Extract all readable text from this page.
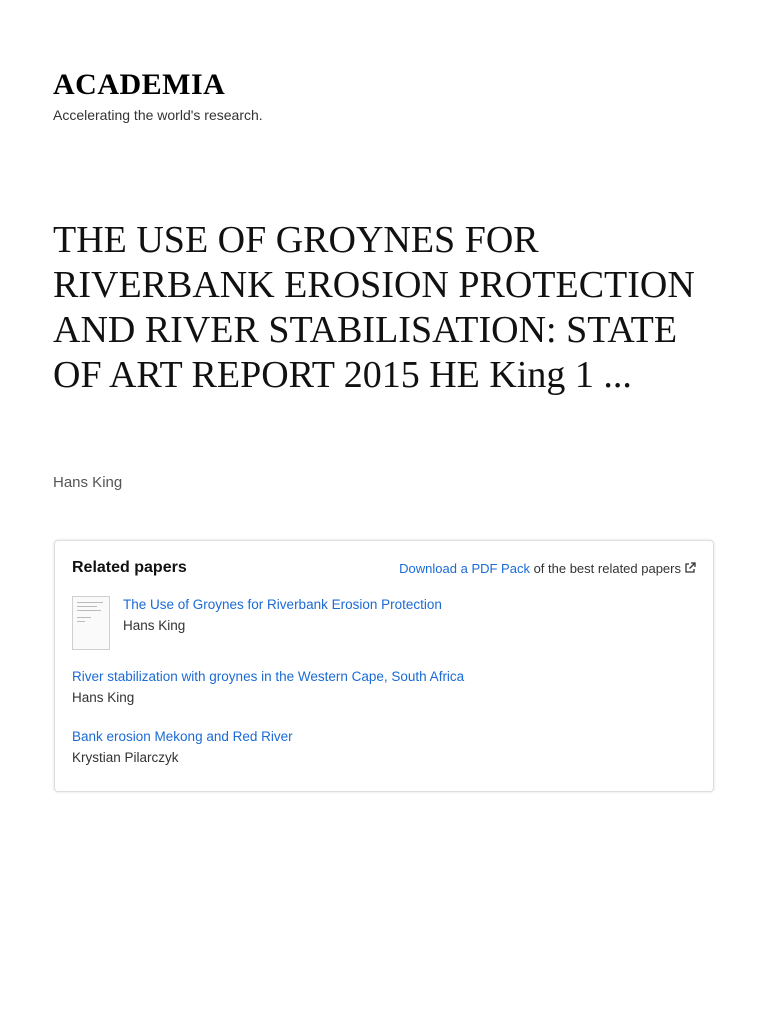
ACADEMIA
Accelerating the world's research.
THE USE OF GROYNES FOR RIVERBANK EROSION PROTECTION AND RIVER STABILISATION: STATE OF ART REPORT 2015 HE King 1 ...
Hans King
Related papers	Download a PDF Pack of the best related papers
The Use of Groynes for Riverbank Erosion Protection
Hans King
River stabilization with groynes in the Western Cape, South Africa
Hans King
Bank erosion Mekong and Red River
Krystian Pilarczyk
